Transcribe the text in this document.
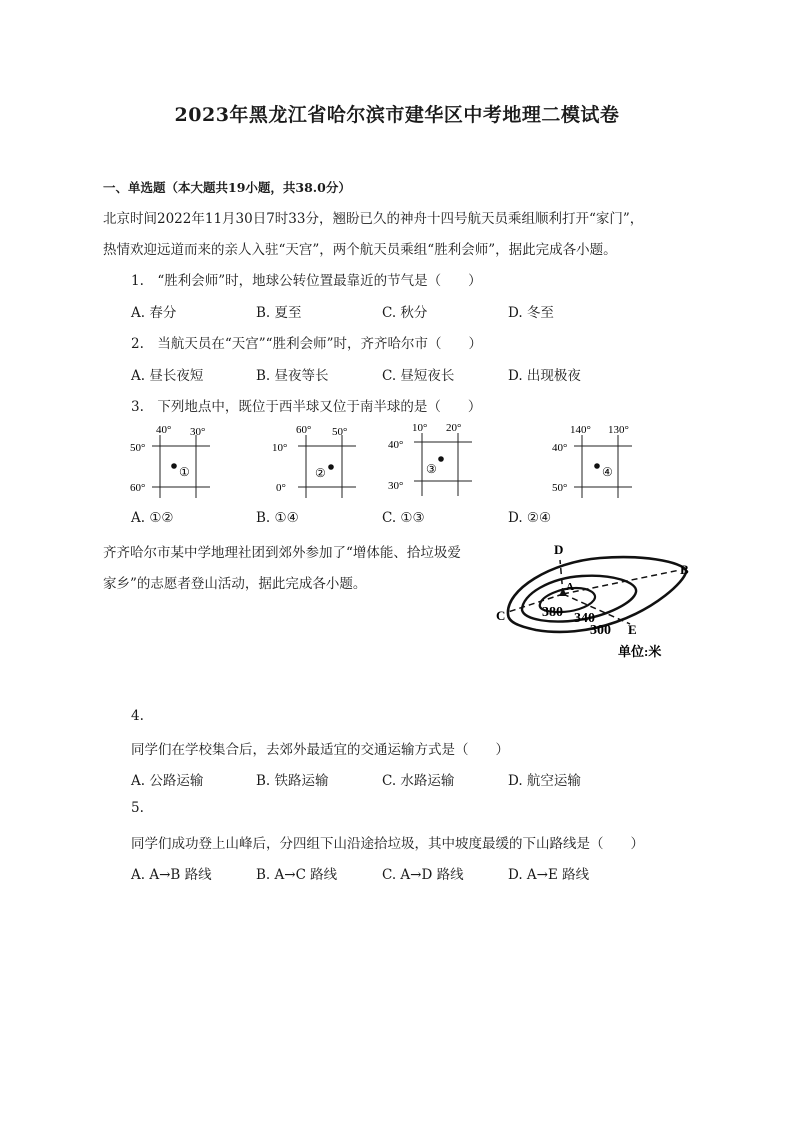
2023年黑龙江省哈尔滨市建华区中考地理二模试卷
一、单选题（本大题共19小题，共38.0分）
北京时间2022年11月30日7时33分，翘盼已久的神舟十四号航天员乘组顺利打开“家门”，
热情欢迎远道而来的亲人入驻“天宫”，两个航天员乘组“胜利会师”，据此完成各小题。
1.　“胜利会师”时，地球公转位置最靠近的节气是（　　）
A. 春分	B. 夏至	C. 秋分	D. 冬至
2.　当航天员在“天宫”“胜利会师”时，齐齐哈尔市（　　）
A. 昼长夜短	B. 昼夜等长	C. 昼短夜长	D. 出现极夜
3.　下列地点中，既位于西半球又位于南半球的是（　　）
40° 30°
50°
60°
①
60° 50°
10°
0°
②
10° 20°
40°
30°
③
140° 130°
40°
50°
④
A. ①②	B. ①④	C. ①③	D. ②④
齐齐哈尔市某中学地理社团到郊外参加了“增体能、拾垃圾爱
家乡”的志愿者登山活动，据此完成各小题。	A
B
C
D
E
380 340
300
单位:米
4.
同学们在学校集合后，去郊外最适宜的交通运输方式是（　　）
A. 公路运输	B. 铁路运输	C. 水路运输	D. 航空运输
5.
同学们成功登上山峰后，分四组下山沿途拾垃圾，其中坡度最缓的下山路线是（　　）
A. A→B 路线	B. A→C 路线	C. A→D 路线	D. A→E 路线
